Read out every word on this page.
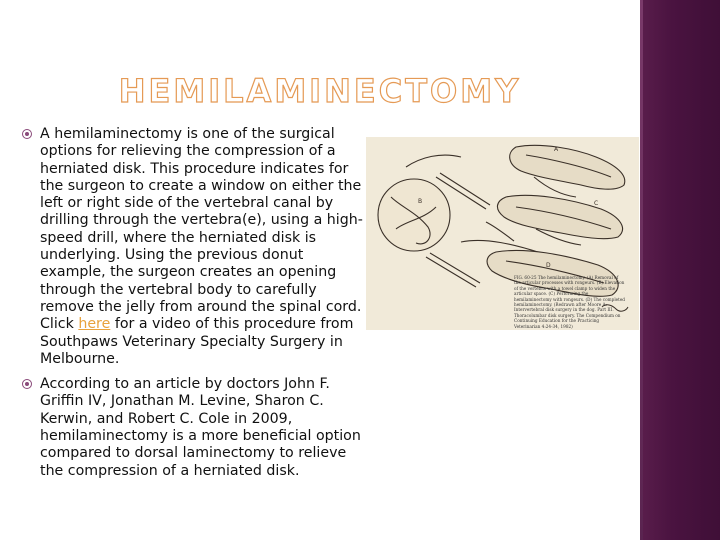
HEMILAMINECTOMY
A hemilaminectomy is one of the surgical options for relieving the compression of a herniated disk. This procedure indicates for the surgeon to create a window on either the left or right side of the vertebral canal by drilling through the vertebra(e), using a high-speed drill, where the herniated disk is underlying. Using the previous donut example, the surgeon creates an opening through the vertebral body to carefully remove the jelly from around the spinal cord. Click here for a video of this procedure from Southpaws Veterinary Specialty Surgery in Melbourne.
According to an article by doctors John F. Griffin IV, Jonathan M. Levine, Sharon C. Kerwin, and Robert C. Cole in 2009, hemilaminectomy is a more beneficial option compared to dorsal laminectomy to relieve the compression of a herniated disk.
A
B	C
D
FIG. 60-25 The hemilaminectomy. (A) Removal of the articular processes with rongeurs. (B) Elevation of the vertebra with a towel clamp to widen the articular space. (C) Performing the hemilaminectomy with rongeurs. (D) The completed hemilaminectomy. (Redrawn after Moore A: Intervertebral disk surgery in the dog. Part III. Thoracolumbar disk surgery. The Compendium on Continuing Education for the Practicing Veterinarian 4:24-34, 1982)
